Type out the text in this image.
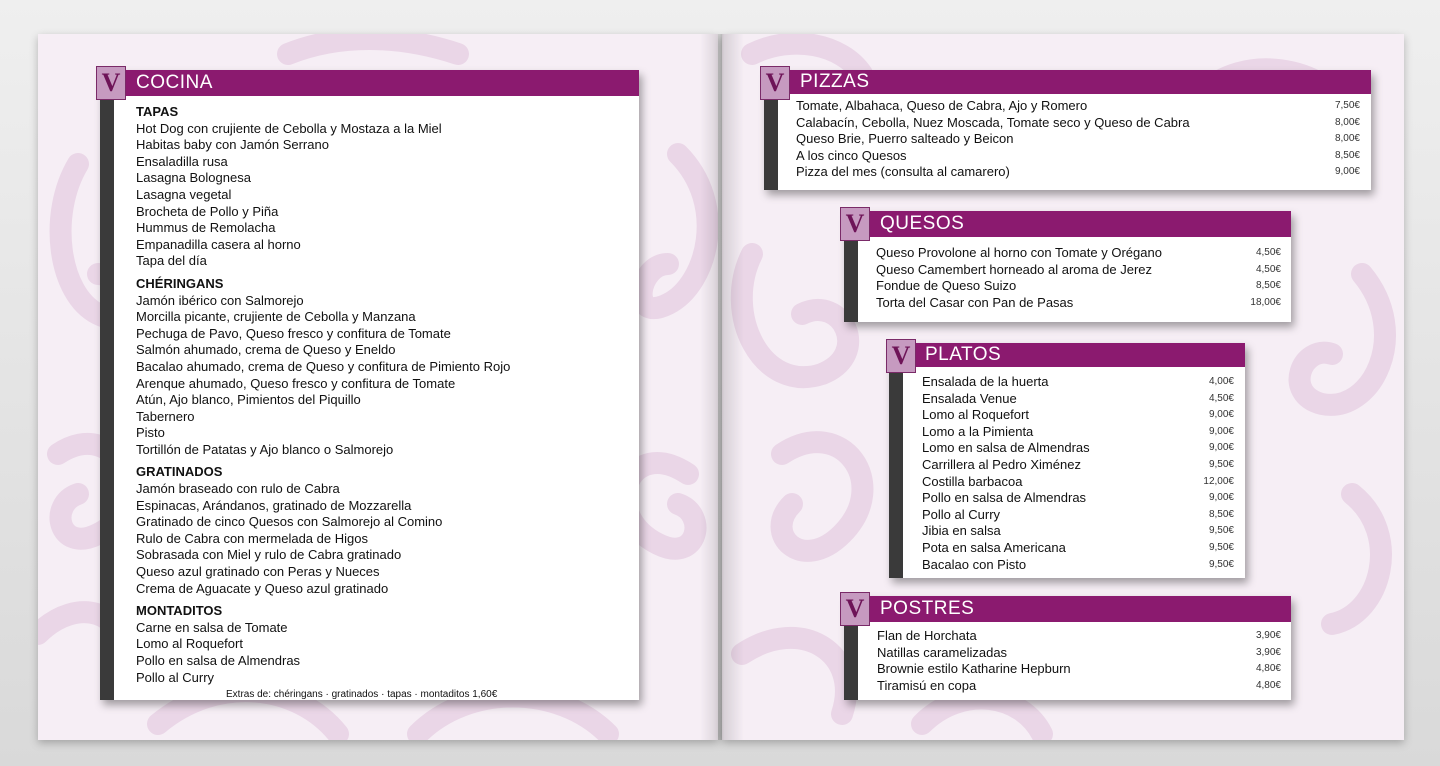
COCINA
TAPAS
Hot Dog con crujiente de Cebolla y Mostaza a la Miel
Habitas baby con Jamón Serrano
Ensaladilla rusa
Lasagna Bolognesa
Lasagna vegetal
Brocheta de Pollo y Piña
Hummus de Remolacha
Empanadilla casera al horno
Tapa del día
CHÉRINGANS
Jamón ibérico con Salmorejo
Morcilla picante, crujiente de Cebolla y Manzana
Pechuga de Pavo, Queso fresco y confitura de Tomate
Salmón ahumado, crema de Queso y Eneldo
Bacalao ahumado, crema de Queso y confitura de Pimiento Rojo
Arenque ahumado, Queso fresco y confitura de Tomate
Atún, Ajo blanco, Pimientos del Piquillo
Tabernero
Pisto
Tortillón de Patatas y Ajo blanco o Salmorejo
GRATINADOS
Jamón braseado con rulo de Cabra
Espinacas, Arándanos, gratinado de Mozzarella
Gratinado de cinco Quesos con Salmorejo al Comino
Rulo de Cabra con mermelada de Higos
Sobrasada con Miel y rulo de Cabra gratinado
Queso azul gratinado con Peras y Nueces
Crema de Aguacate y Queso azul gratinado
MONTADITOS
Carne en salsa de Tomate
Lomo al Roquefort
Pollo en salsa de Almendras
Pollo al Curry
Extras de: chéringans · gratinados · tapas · montaditos 1,60€
V	PIZZAS
Tomate, Albahaca, Queso de Cabra, Ajo y Romero	7,50€
Calabacín, Cebolla, Nuez Moscada, Tomate seco y Queso de Cabra	8,00€
Queso Brie, Puerro salteado y Beicon	8,00€
A los cinco Quesos	8,50€
Pizza del mes (consulta al camarero)	9,00€
V
QUESOS
Queso Provolone al horno con Tomate y Orégano	4,50€
Queso Camembert horneado al aroma de Jerez	4,50€
Fondue de Queso Suizo	8,50€
Torta del Casar con Pan de Pasas	18,00€
V
PLATOS
Ensalada de la huerta	4,00€
Ensalada Venue	4,50€
Lomo al Roquefort	9,00€
Lomo a la Pimienta	9,00€
Lomo en salsa de Almendras	9,00€
Carrillera al Pedro Ximénez	9,50€
Costilla barbacoa	12,00€
Pollo en salsa de Almendras	9,00€
Pollo al Curry	8,50€
Jibia en salsa	9,50€
Pota en salsa Americana	9,50€
Bacalao con Pisto	9,50€
V
POSTRES
Flan de Horchata	3,90€
Natillas caramelizadas	3,90€
Brownie estilo Katharine Hepburn	4,80€
Tiramisú en copa	4,80€
V
